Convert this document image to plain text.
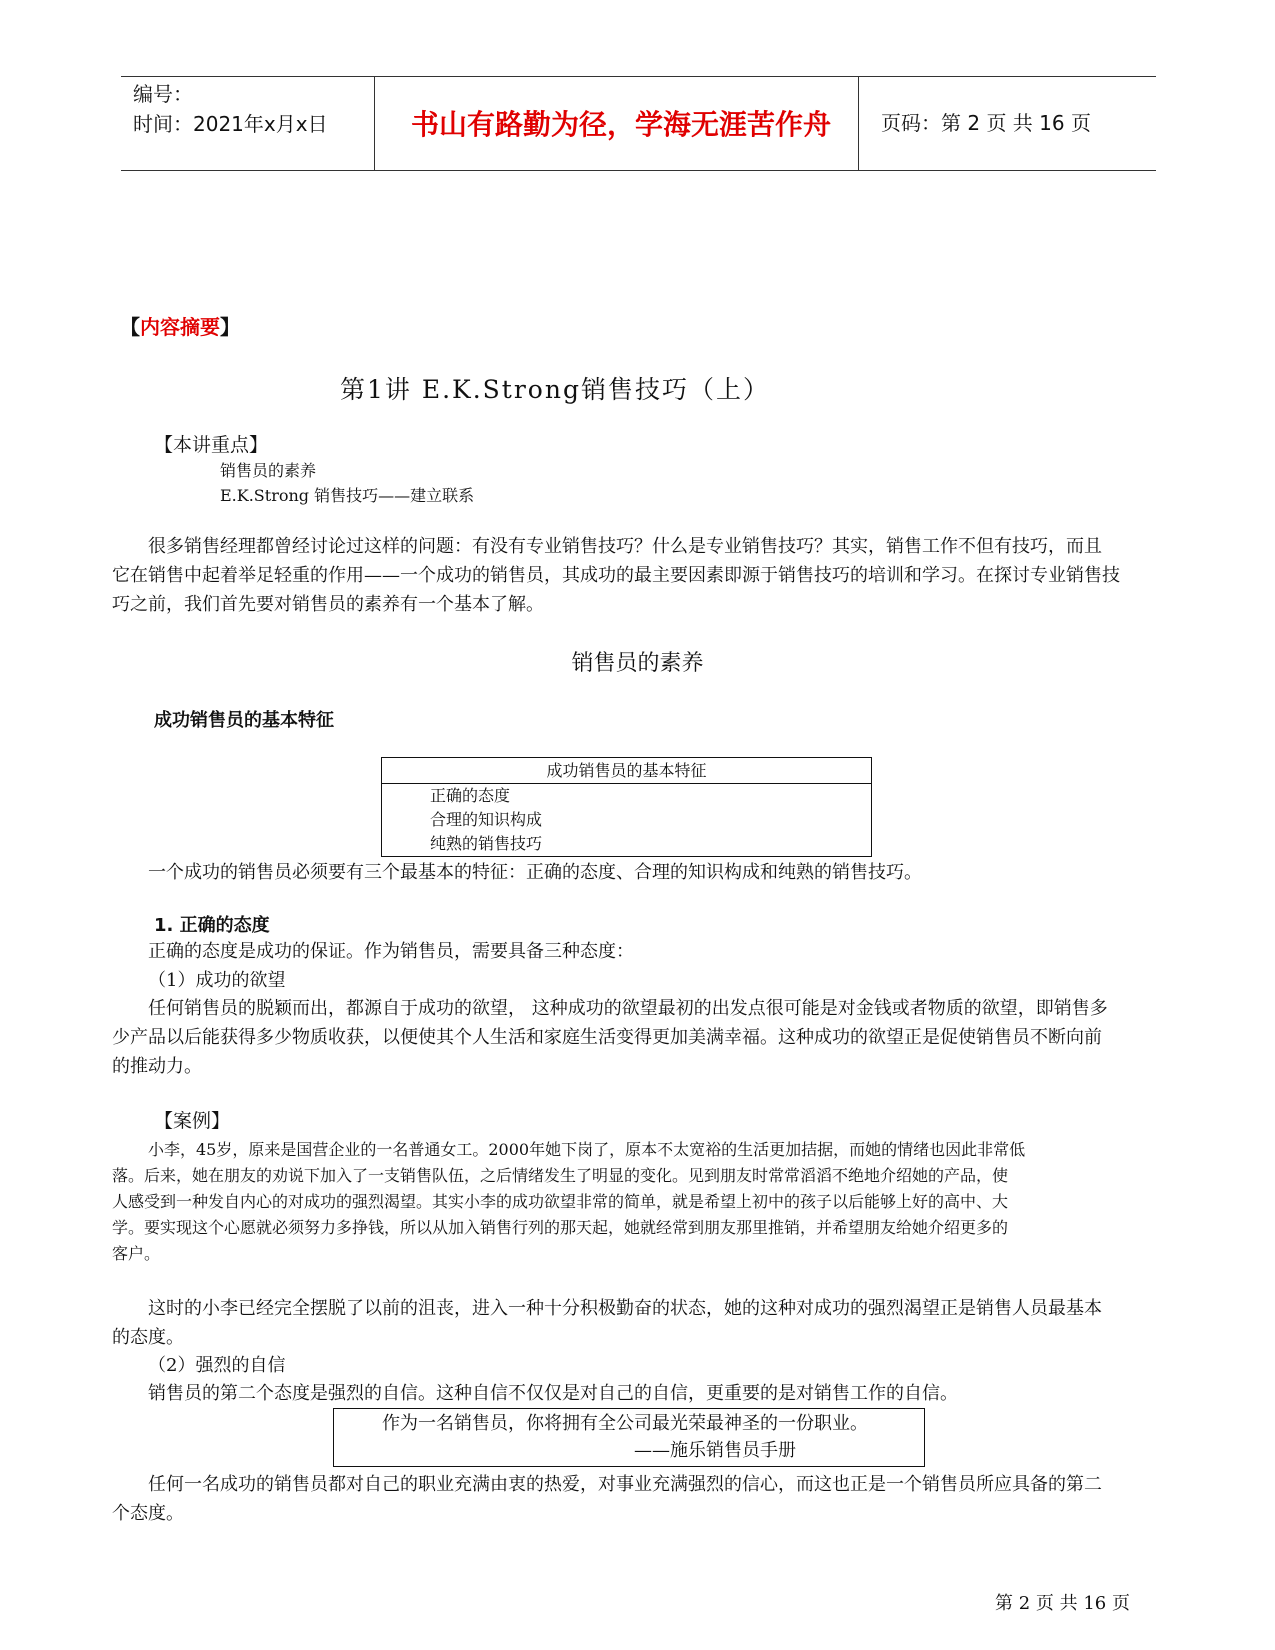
编号：
时间：2021年x月x日	书山有路勤为径，学海无涯苦作舟	页码：第 2 页 共 16 页
【内容摘要】
第1讲 E.K.Strong销售技巧（上）
【本讲重点】
销售员的素养
E.K.Strong 销售技巧——建立联系
很多销售经理都曾经讨论过这样的问题：有没有专业销售技巧？什么是专业销售技巧？其实，销售工作不但有技巧，而且
它在销售中起着举足轻重的作用——一个成功的销售员，其成功的最主要因素即源于销售技巧的培训和学习。在探讨专业销售技
巧之前，我们首先要对销售员的素养有一个基本了解。
销售员的素养
成功销售员的基本特征
成功销售员的基本特征
正确的态度
合理的知识构成
纯熟的销售技巧
一个成功的销售员必须要有三个最基本的特征：正确的态度、合理的知识构成和纯熟的销售技巧。
1. 正确的态度
正确的态度是成功的保证。作为销售员，需要具备三种态度：
（1）成功的欲望
任何销售员的脱颖而出，都源自于成功的欲望， 这种成功的欲望最初的出发点很可能是对金钱或者物质的欲望，即销售多
少产品以后能获得多少物质收获，以便使其个人生活和家庭生活变得更加美满幸福。这种成功的欲望正是促使销售员不断向前
的推动力。
【案例】
小李，45岁，原来是国营企业的一名普通女工。2000年她下岗了，原本不太宽裕的生活更加拮据，而她的情绪也因此非常低
落。后来，她在朋友的劝说下加入了一支销售队伍，之后情绪发生了明显的变化。见到朋友时常常滔滔不绝地介绍她的产品，使
人感受到一种发自内心的对成功的强烈渴望。其实小李的成功欲望非常的简单，就是希望上初中的孩子以后能够上好的高中、大
学。要实现这个心愿就必须努力多挣钱，所以从加入销售行列的那天起，她就经常到朋友那里推销，并希望朋友给她介绍更多的
客户。
这时的小李已经完全摆脱了以前的沮丧，进入一种十分积极勤奋的状态，她的这种对成功的强烈渴望正是销售人员最基本
的态度。
（2）强烈的自信
销售员的第二个态度是强烈的自信。这种自信不仅仅是对自己的自信，更重要的是对销售工作的自信。
作为一名销售员，你将拥有全公司最光荣最神圣的一份职业。
——施乐销售员手册
任何一名成功的销售员都对自己的职业充满由衷的热爱，对事业充满强烈的信心，而这也正是一个销售员所应具备的第二
个态度。
第 2 页 共 16 页
